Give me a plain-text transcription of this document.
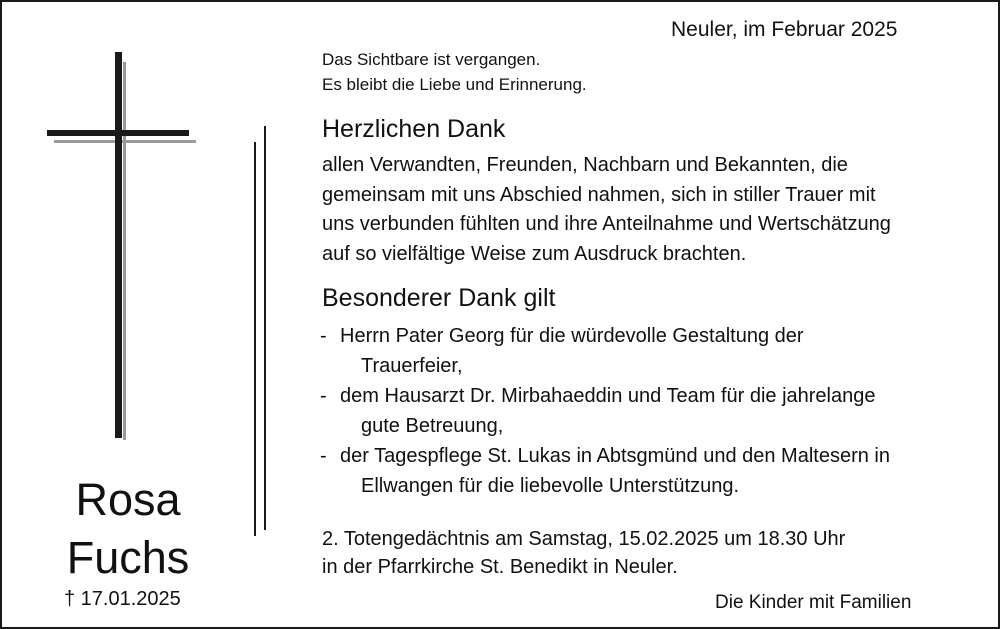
Neuler, im Februar 2025
Das Sichtbare ist vergangen.
Es bleibt die Liebe und Erinnerung.
Herzlichen Dank
allen Verwandten, Freunden, Nachbarn und Bekannten, die
gemeinsam mit uns Abschied nahmen, sich in stiller Trauer mit
uns verbunden fühlten und ihre Anteilnahme und Wertschätzung
auf so vielfältige Weise zum Ausdruck brachten.
Besonderer Dank gilt
- Herrn Pater Georg für die würdevolle Gestaltung der
Trauerfeier,
- dem Hausarzt Dr. Mirbahaeddin und Team für die jahrelange
gute Betreuung,
- der Tagespflege St. Lukas in Abtsgmünd und den Maltesern in
Ellwangen für die liebevolle Unterstützung.
2. Totengedächtnis am Samstag, 15.02.2025 um 18.30 Uhr
in der Pfarrkirche St. Benedikt in Neuler.
Rosa
Fuchs
† 17.01.2025	Die Kinder mit Familien
